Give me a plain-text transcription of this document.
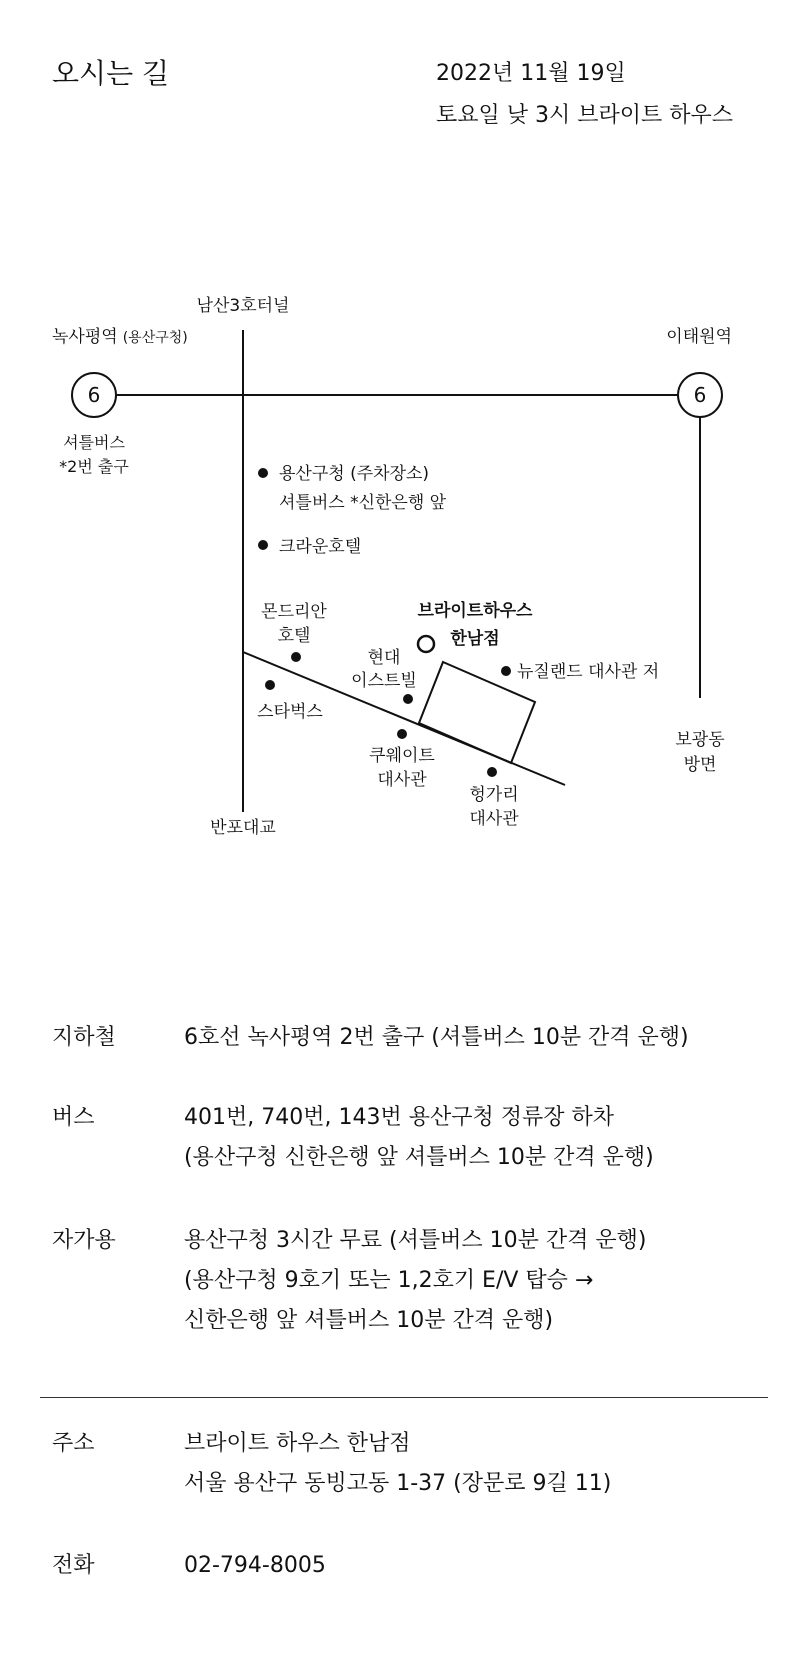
오시는 길	2022년 11월 19일
토요일 낮 3시 브라이트 하우스
6	6
녹사평역 (용산구청)
셔틀버스
*2번 출구
이태원역
남산3호터널
반포대교
보광동
방면
용산구청 (주차장소)
셔틀버스 *신한은행 앞
크라운호텔
몬드리안
호텔
스타벅스
현대
이스트빌
쿠웨이트
대사관
헝가리
대사관
뉴질랜드 대사관 저
브라이트하우스
한남점
지하철	6호선 녹사평역 2번 출구 (셔틀버스 10분 간격 운행)
버스	401번, 740번, 143번 용산구청 정류장 하차
(용산구청 신한은행 앞 셔틀버스 10분 간격 운행)
자가용	용산구청 3시간 무료 (셔틀버스 10분 간격 운행)
(용산구청 9호기 또는 1,2호기 E/V 탑승 →
신한은행 앞 셔틀버스 10분 간격 운행)
주소	브라이트 하우스 한남점
서울 용산구 동빙고동 1-37 (장문로 9길 11)
전화	02-794-8005
